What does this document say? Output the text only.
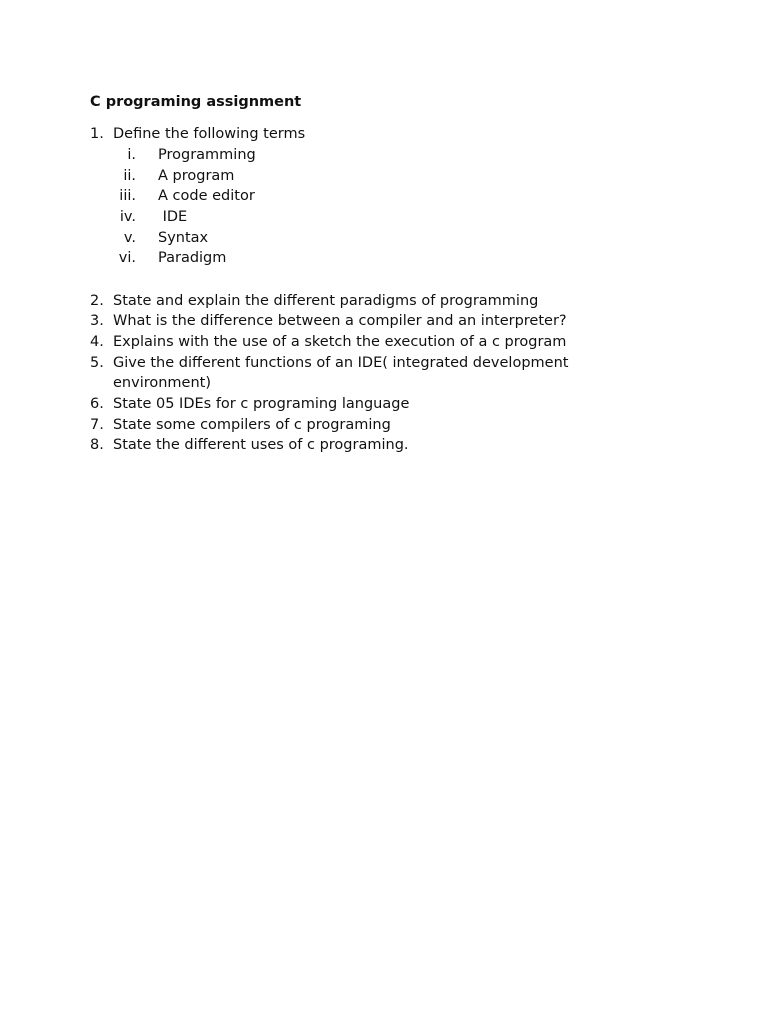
C programing assignment
1. Define the following terms
i. Programming
ii. A program
iii. A code editor
iv. IDE
v. Syntax
vi. Paradigm
2. State and explain the different paradigms of programming
3. What is the difference between a compiler and an interpreter?
4. Explains with the use of a sketch the execution of a c program
5. Give the different functions of an IDE( integrated development
environment)
6. State 05 IDEs for c programing language
7. State some compilers of c programing
8. State the different uses of c programing.
